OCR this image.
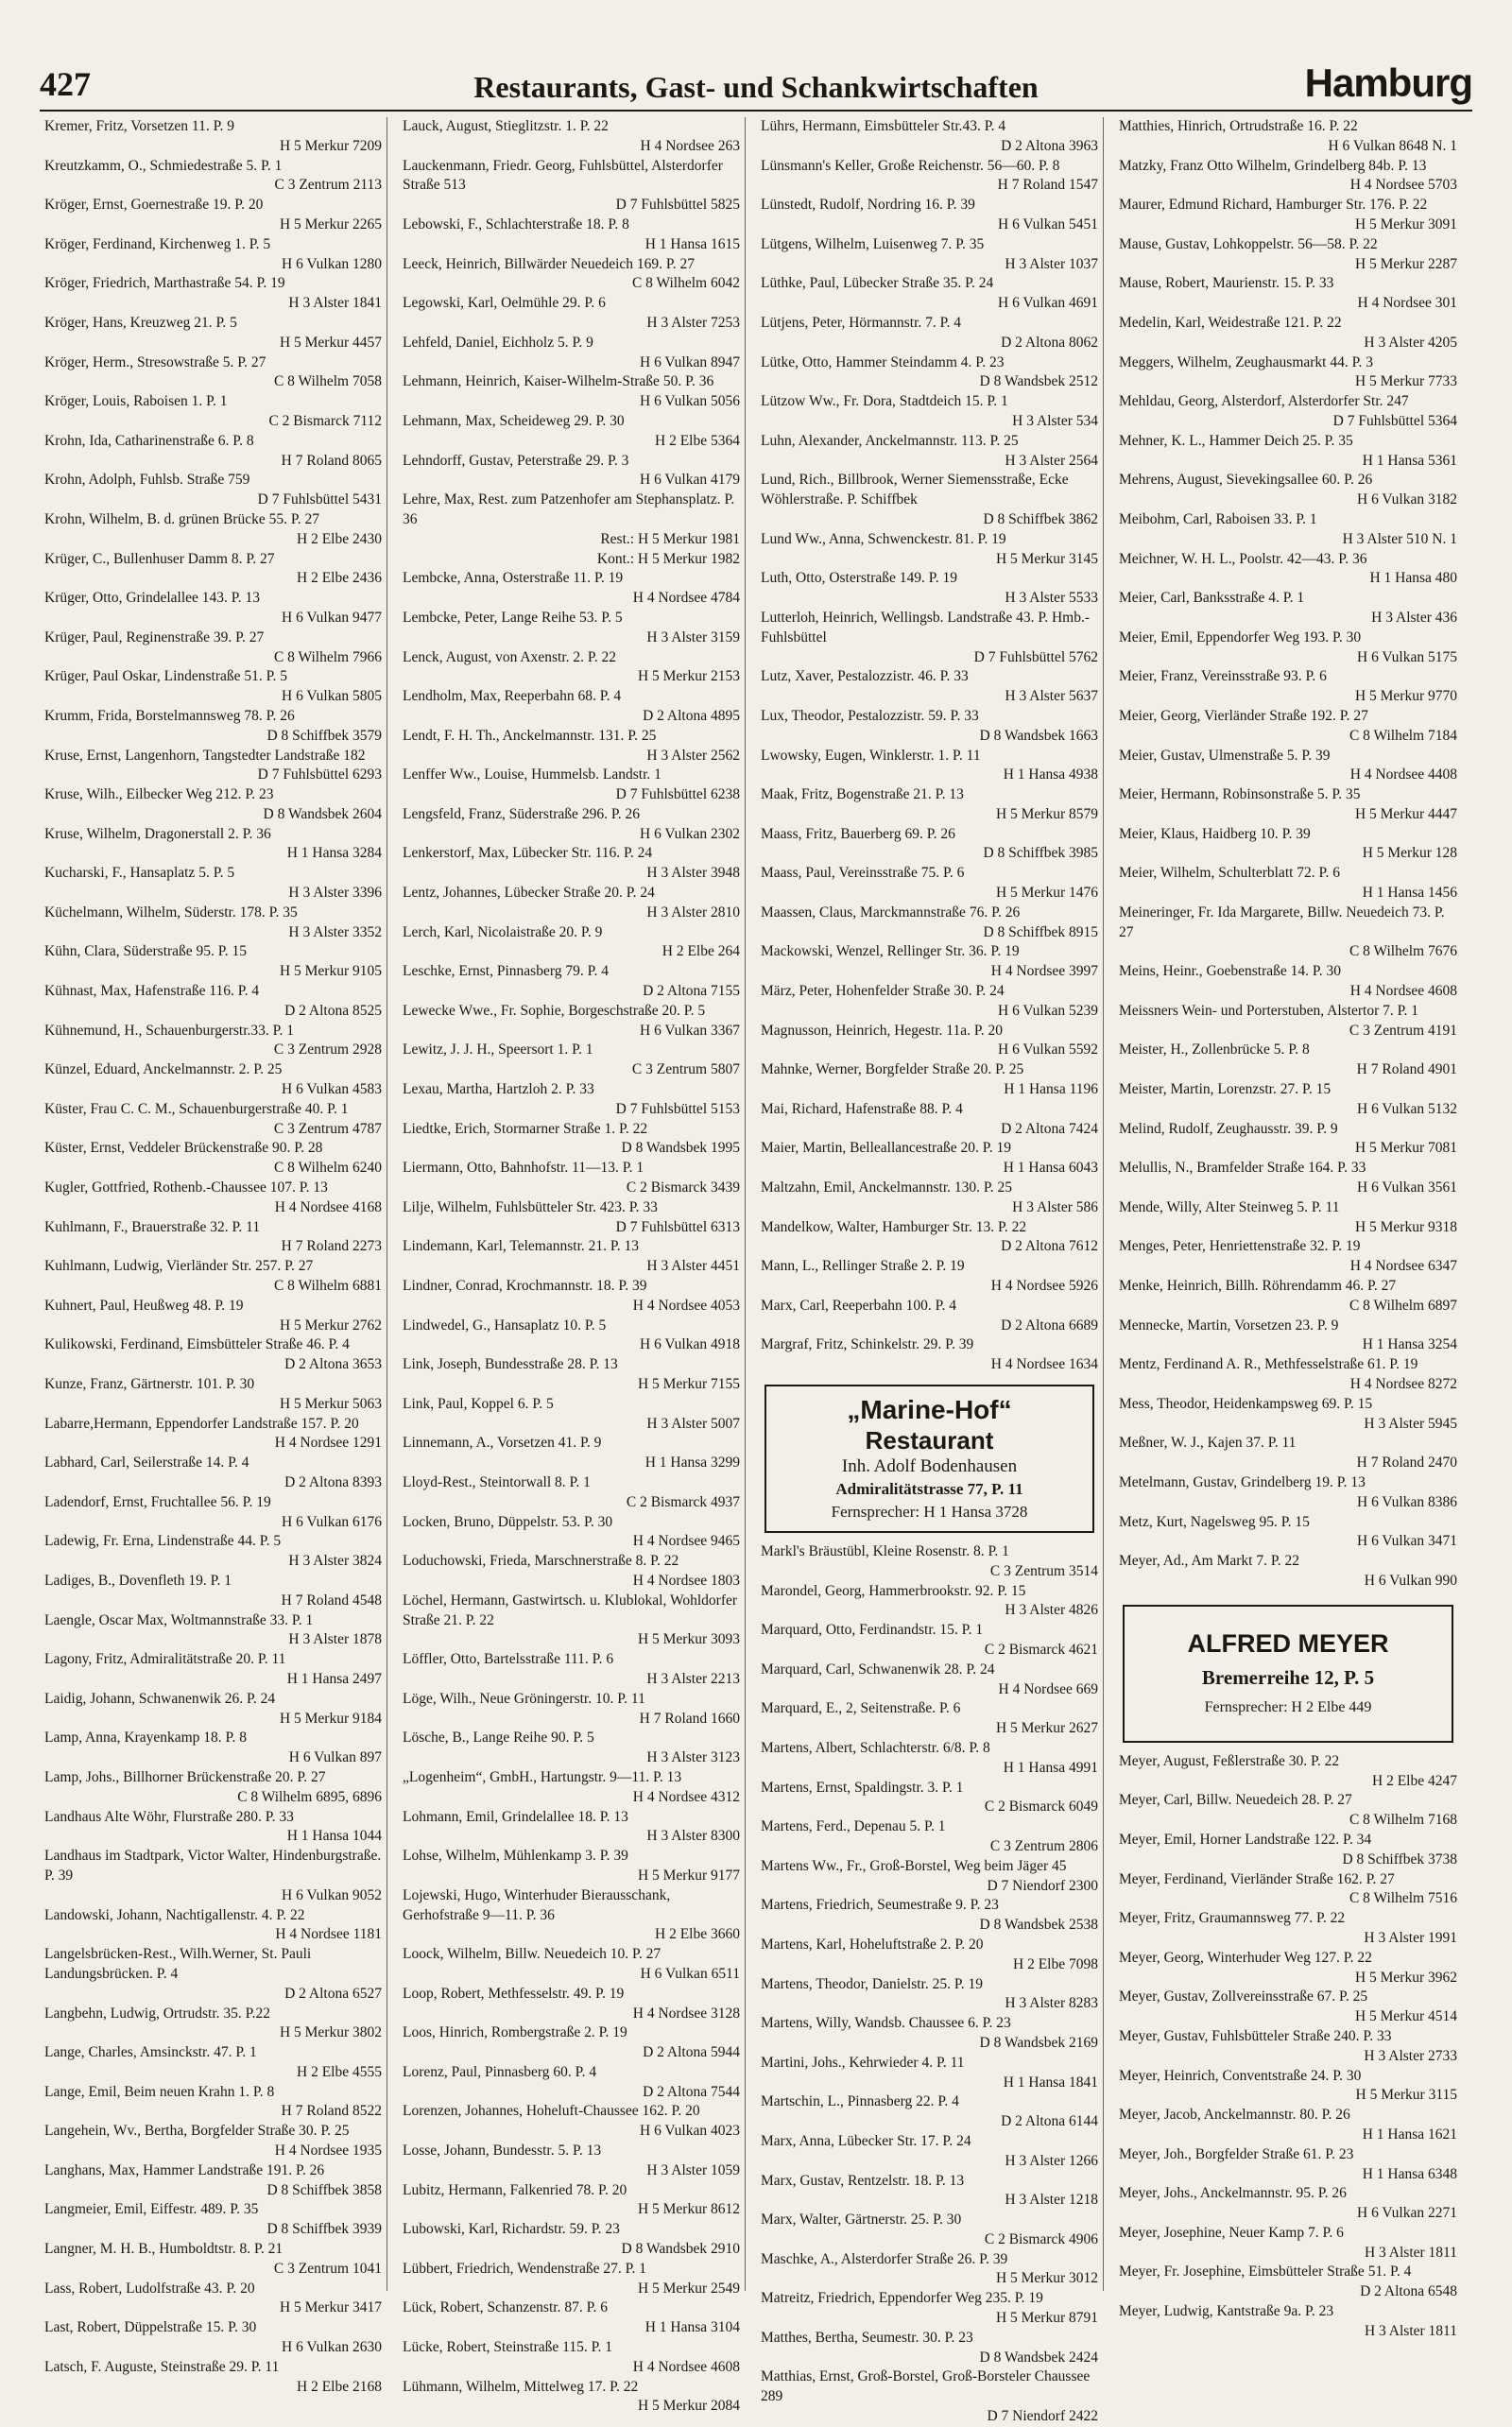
427	Restaurants, Gast- und Schankwirtschaften	Hamburg
Kremer, Fritz, Vorsetzen 11. P. 9
H 5 Merkur 7209
Kreutzkamm, O., Schmiedestraße 5. P. 1
C 3 Zentrum 2113
Kröger, Ernst, Goernestraße 19. P. 20
H 5 Merkur 2265
Kröger, Ferdinand, Kirchenweg 1. P. 5
H 6 Vulkan 1280
Kröger, Friedrich, Marthastraße 54. P. 19
H 3 Alster 1841
Kröger, Hans, Kreuzweg 21. P. 5
H 5 Merkur 4457
Kröger, Herm., Stresowstraße 5. P. 27
C 8 Wilhelm 7058
Kröger, Louis, Raboisen 1. P. 1
C 2 Bismarck 7112
Krohn, Ida, Catharinenstraße 6. P. 8
H 7 Roland 8065
Krohn, Adolph, Fuhlsb. Straße 759
D 7 Fuhlsbüttel 5431
Krohn, Wilhelm, B. d. grünen Brücke 55. P. 27
H 2 Elbe 2430
Krüger, C., Bullenhuser Damm 8. P. 27
H 2 Elbe 2436
Krüger, Otto, Grindelallee 143. P. 13
H 6 Vulkan 9477
Krüger, Paul, Reginenstraße 39. P. 27
C 8 Wilhelm 7966
Krüger, Paul Oskar, Lindenstraße 51. P. 5
H 6 Vulkan 5805
Krumm, Frida, Borstelmannsweg 78. P. 26
D 8 Schiffbek 3579
Kruse, Ernst, Langenhorn, Tangstedter Landstraße 182
D 7 Fuhlsbüttel 6293
Kruse, Wilh., Eilbecker Weg 212. P. 23
D 8 Wandsbek 2604
Kruse, Wilhelm, Dragonerstall 2. P. 36
H 1 Hansa 3284
Kucharski, F., Hansaplatz 5. P. 5
H 3 Alster 3396
Küchelmann, Wilhelm, Süderstr. 178. P. 35
H 3 Alster 3352
Kühn, Clara, Süderstraße 95. P. 15
H 5 Merkur 9105
Kühnast, Max, Hafenstraße 116. P. 4
D 2 Altona 8525
Kühnemund, H., Schauenburgerstr.33. P. 1
C 3 Zentrum 2928
Künzel, Eduard, Anckelmannstr. 2. P. 25
H 6 Vulkan 4583
Küster, Frau C. C. M., Schauenburgerstraße 40. P. 1
C 3 Zentrum 4787
Küster, Ernst, Veddeler Brückenstraße 90. P. 28
C 8 Wilhelm 6240
Kugler, Gottfried, Rothenb.-Chaussee 107. P. 13
H 4 Nordsee 4168
Kuhlmann, F., Brauerstraße 32. P. 11
H 7 Roland 2273
Kuhlmann, Ludwig, Vierländer Str. 257. P. 27
C 8 Wilhelm 6881
Kuhnert, Paul, Heußweg 48. P. 19
H 5 Merkur 2762
Kulikowski, Ferdinand, Eimsbütteler Straße 46. P. 4
D 2 Altona 3653
Kunze, Franz, Gärtnerstr. 101. P. 30
H 5 Merkur 5063
Labarre,Hermann, Eppendorfer Landstraße 157. P. 20
H 4 Nordsee 1291
Labhard, Carl, Seilerstraße 14. P. 4
D 2 Altona 8393
Ladendorf, Ernst, Fruchtallee 56. P. 19
H 6 Vulkan 6176
Ladewig, Fr. Erna, Lindenstraße 44. P. 5
H 3 Alster 3824
Ladiges, B., Dovenfleth 19. P. 1
H 7 Roland 4548
Laengle, Oscar Max, Woltmannstraße 33. P. 1
H 3 Alster 1878
Lagony, Fritz, Admiralitätstraße 20. P. 11
H 1 Hansa 2497
Laidig, Johann, Schwanenwik 26. P. 24
H 5 Merkur 9184
Lamp, Anna, Krayenkamp 18. P. 8
H 6 Vulkan 897
Lamp, Johs., Billhorner Brückenstraße 20. P. 27
C 8 Wilhelm 6895, 6896
Landhaus Alte Wöhr, Flurstraße 280. P. 33
H 1 Hansa 1044
Landhaus im Stadtpark, Victor Walter, Hindenburgstraße. P. 39
H 6 Vulkan 9052
Landowski, Johann, Nachtigallenstr. 4. P. 22
H 4 Nordsee 1181
Langelsbrücken-Rest., Wilh.Werner, St. Pauli Landungsbrücken. P. 4
D 2 Altona 6527
Langbehn, Ludwig, Ortrudstr. 35. P.22
H 5 Merkur 3802
Lange, Charles, Amsinckstr. 47. P. 1
H 2 Elbe 4555
Lange, Emil, Beim neuen Krahn 1. P. 8
H 7 Roland 8522
Langehein, Wv., Bertha, Borgfelder Straße 30. P. 25
H 4 Nordsee 1935
Langhans, Max, Hammer Landstraße 191. P. 26
D 8 Schiffbek 3858
Langmeier, Emil, Eiffestr. 489. P. 35
D 8 Schiffbek 3939
Langner, M. H. B., Humboldtstr. 8. P. 21
C 3 Zentrum 1041
Lass, Robert, Ludolfstraße 43. P. 20
H 5 Merkur 3417
Last, Robert, Düppelstraße 15. P. 30
H 6 Vulkan 2630
Latsch, F. Auguste, Steinstraße 29. P. 11
H 2 Elbe 2168
Lauck, August, Stieglitzstr. 1. P. 22
H 4 Nordsee 263
Lauckenmann, Friedr. Georg, Fuhlsbüttel, Alsterdorfer Straße 513
D 7 Fuhlsbüttel 5825
Lebowski, F., Schlachterstraße 18. P. 8
H 1 Hansa 1615
Leeck, Heinrich, Billwärder Neuedeich 169. P. 27
C 8 Wilhelm 6042
Legowski, Karl, Oelmühle 29. P. 6
H 3 Alster 7253
Lehfeld, Daniel, Eichholz 5. P. 9
H 6 Vulkan 8947
Lehmann, Heinrich, Kaiser-Wilhelm-Straße 50. P. 36
H 6 Vulkan 5056
Lehmann, Max, Scheideweg 29. P. 30
H 2 Elbe 5364
Lehndorff, Gustav, Peterstraße 29. P. 3
H 6 Vulkan 4179
Lehre, Max, Rest. zum Patzenhofer am Stephansplatz. P. 36
Rest.: H 5 Merkur 1981
Kont.: H 5 Merkur 1982
Lembcke, Anna, Osterstraße 11. P. 19
H 4 Nordsee 4784
Lembcke, Peter, Lange Reihe 53. P. 5
H 3 Alster 3159
Lenck, August, von Axenstr. 2. P. 22
H 5 Merkur 2153
Lendholm, Max, Reeperbahn 68. P. 4
D 2 Altona 4895
Lendt, F. H. Th., Anckelmannstr. 131. P. 25
H 3 Alster 2562
Lenffer Ww., Louise, Hummelsb. Landstr. 1
D 7 Fuhlsbüttel 6238
Lengsfeld, Franz, Süderstraße 296. P. 26
H 6 Vulkan 2302
Lenkerstorf, Max, Lübecker Str. 116. P. 24
H 3 Alster 3948
Lentz, Johannes, Lübecker Straße 20. P. 24
H 3 Alster 2810
Lerch, Karl, Nicolaistraße 20. P. 9
H 2 Elbe 264
Leschke, Ernst, Pinnasberg 79. P. 4
D 2 Altona 7155
Lewecke Wwe., Fr. Sophie, Borgeschstraße 20. P. 5
H 6 Vulkan 3367
Lewitz, J. J. H., Speersort 1. P. 1
C 3 Zentrum 5807
Lexau, Martha, Hartzloh 2. P. 33
D 7 Fuhlsbüttel 5153
Liedtke, Erich, Stormarner Straße 1. P. 22
D 8 Wandsbek 1995
Liermann, Otto, Bahnhofstr. 11—13. P. 1
C 2 Bismarck 3439
Lilje, Wilhelm, Fuhlsbütteler Str. 423. P. 33
D 7 Fuhlsbüttel 6313
Lindemann, Karl, Telemannstr. 21. P. 13
H 3 Alster 4451
Lindner, Conrad, Krochmannstr. 18. P. 39
H 4 Nordsee 4053
Lindwedel, G., Hansaplatz 10. P. 5
H 6 Vulkan 4918
Link, Joseph, Bundesstraße 28. P. 13
H 5 Merkur 7155
Link, Paul, Koppel 6. P. 5
H 3 Alster 5007
Linnemann, A., Vorsetzen 41. P. 9
H 1 Hansa 3299
Lloyd-Rest., Steintorwall 8. P. 1
C 2 Bismarck 4937
Locken, Bruno, Düppelstr. 53. P. 30
H 4 Nordsee 9465
Loduchowski, Frieda, Marschnerstraße 8. P. 22
H 4 Nordsee 1803
Löchel, Hermann, Gastwirtsch. u. Klublokal, Wohldorfer Straße 21. P. 22
H 5 Merkur 3093
Löffler, Otto, Bartelsstraße 111. P. 6
H 3 Alster 2213
Löge, Wilh., Neue Gröningerstr. 10. P. 11
H 7 Roland 1660
Lösche, B., Lange Reihe 90. P. 5
H 3 Alster 3123
„Logenheim“, GmbH., Hartungstr. 9—11. P. 13
H 4 Nordsee 4312
Lohmann, Emil, Grindelallee 18. P. 13
H 3 Alster 8300
Lohse, Wilhelm, Mühlenkamp 3. P. 39
H 5 Merkur 9177
Lojewski, Hugo, Winterhuder Bierausschank, Gerhofstraße 9—11. P. 36
H 2 Elbe 3660
Loock, Wilhelm, Billw. Neuedeich 10. P. 27
H 6 Vulkan 6511
Loop, Robert, Methfesselstr. 49. P. 19
H 4 Nordsee 3128
Loos, Hinrich, Rombergstraße 2. P. 19
D 2 Altona 5944
Lorenz, Paul, Pinnasberg 60. P. 4
D 2 Altona 7544
Lorenzen, Johannes, Hoheluft-Chaussee 162. P. 20
H 6 Vulkan 4023
Losse, Johann, Bundesstr. 5. P. 13
H 3 Alster 1059
Lubitz, Hermann, Falkenried 78. P. 20
H 5 Merkur 8612
Lubowski, Karl, Richardstr. 59. P. 23
D 8 Wandsbek 2910
Lübbert, Friedrich, Wendenstraße 27. P. 1
H 5 Merkur 2549
Lück, Robert, Schanzenstr. 87. P. 6
H 1 Hansa 3104
Lücke, Robert, Steinstraße 115. P. 1
H 4 Nordsee 4608
Lühmann, Wilhelm, Mittelweg 17. P. 22
H 5 Merkur 2084
Lührs, Hermann, Eimsbütteler Str.43. P. 4
D 2 Altona 3963
Lünsmann's Keller, Große Reichenstr. 56—60. P. 8
H 7 Roland 1547
Lünstedt, Rudolf, Nordring 16. P. 39
H 6 Vulkan 5451
Lütgens, Wilhelm, Luisenweg 7. P. 35
H 3 Alster 1037
Lüthke, Paul, Lübecker Straße 35. P. 24
H 6 Vulkan 4691
Lütjens, Peter, Hörmannstr. 7. P. 4
D 2 Altona 8062
Lütke, Otto, Hammer Steindamm 4. P. 23
D 8 Wandsbek 2512
Lützow Ww., Fr. Dora, Stadtdeich 15. P. 1
H 3 Alster 534
Luhn, Alexander, Anckelmannstr. 113. P. 25
H 3 Alster 2564
Lund, Rich., Billbrook, Werner Siemensstraße, Ecke Wöhlerstraße. P. Schiffbek
D 8 Schiffbek 3862
Lund Ww., Anna, Schwenckestr. 81. P. 19
H 5 Merkur 3145
Luth, Otto, Osterstraße 149. P. 19
H 3 Alster 5533
Lutterloh, Heinrich, Wellingsb. Landstraße 43. P. Hmb.-Fuhlsbüttel
D 7 Fuhlsbüttel 5762
Lutz, Xaver, Pestalozzistr. 46. P. 33
H 3 Alster 5637
Lux, Theodor, Pestalozzistr. 59. P. 33
D 8 Wandsbek 1663
Lwowsky, Eugen, Winklerstr. 1. P. 11
H 1 Hansa 4938
Maak, Fritz, Bogenstraße 21. P. 13
H 5 Merkur 8579
Maass, Fritz, Bauerberg 69. P. 26
D 8 Schiffbek 3985
Maass, Paul, Vereinsstraße 75. P. 6
H 5 Merkur 1476
Maassen, Claus, Marckmannstraße 76. P. 26
D 8 Schiffbek 8915
Mackowski, Wenzel, Rellinger Str. 36. P. 19
H 4 Nordsee 3997
März, Peter, Hohenfelder Straße 30. P. 24
H 6 Vulkan 5239
Magnusson, Heinrich, Hegestr. 11a. P. 20
H 6 Vulkan 5592
Mahnke, Werner, Borgfelder Straße 20. P. 25
H 1 Hansa 1196
Mai, Richard, Hafenstraße 88. P. 4
D 2 Altona 7424
Maier, Martin, Belleallancestraße 20. P. 19
H 1 Hansa 6043
Maltzahn, Emil, Anckelmannstr. 130. P. 25
H 3 Alster 586
Mandelkow, Walter, Hamburger Str. 13. P. 22
D 2 Altona 7612
Mann, L., Rellinger Straße 2. P. 19
H 4 Nordsee 5926
Marx, Carl, Reeperbahn 100. P. 4
D 2 Altona 6689
Margraf, Fritz, Schinkelstr. 29. P. 39
H 4 Nordsee 1634
„Marine-Hof“
Restaurant
Inh. Adolf Bodenhausen
Admiralitätstrasse 77, P. 11
Fernsprecher: H 1 Hansa 3728
Markl's Bräustübl, Kleine Rosenstr. 8. P. 1
C 3 Zentrum 3514
Marondel, Georg, Hammerbrookstr. 92. P. 15
H 3 Alster 4826
Marquard, Otto, Ferdinandstr. 15. P. 1
C 2 Bismarck 4621
Marquard, Carl, Schwanenwik 28. P. 24
H 4 Nordsee 669
Marquard, E., 2, Seitenstraße. P. 6
H 5 Merkur 2627
Martens, Albert, Schlachterstr. 6/8. P. 8
H 1 Hansa 4991
Martens, Ernst, Spaldingstr. 3. P. 1
C 2 Bismarck 6049
Martens, Ferd., Depenau 5. P. 1
C 3 Zentrum 2806
Martens Ww., Fr., Groß-Borstel, Weg beim Jäger 45
D 7 Niendorf 2300
Martens, Friedrich, Seumestraße 9. P. 23
D 8 Wandsbek 2538
Martens, Karl, Hoheluftstraße 2. P. 20
H 2 Elbe 7098
Martens, Theodor, Danielstr. 25. P. 19
H 3 Alster 8283
Martens, Willy, Wandsb. Chaussee 6. P. 23
D 8 Wandsbek 2169
Martini, Johs., Kehrwieder 4. P. 11
H 1 Hansa 1841
Martschin, L., Pinnasberg 22. P. 4
D 2 Altona 6144
Marx, Anna, Lübecker Str. 17. P. 24
H 3 Alster 1266
Marx, Gustav, Rentzelstr. 18. P. 13
H 3 Alster 1218
Marx, Walter, Gärtnerstr. 25. P. 30
C 2 Bismarck 4906
Maschke, A., Alsterdorfer Straße 26. P. 39
H 5 Merkur 3012
Matreitz, Friedrich, Eppendorfer Weg 235. P. 19
H 5 Merkur 8791
Matthes, Bertha, Seumestr. 30. P. 23
D 8 Wandsbek 2424
Matthias, Ernst, Groß-Borstel, Groß-Borsteler Chaussee 289
D 7 Niendorf 2422
Matthies, Hinrich, Ortrudstraße 16. P. 22
H 6 Vulkan 8648 N. 1
Matzky, Franz Otto Wilhelm, Grindelberg 84b. P. 13
H 4 Nordsee 5703
Maurer, Edmund Richard, Hamburger Str. 176. P. 22
H 5 Merkur 3091
Mause, Gustav, Lohkoppelstr. 56—58. P. 22
H 5 Merkur 2287
Mause, Robert, Maurienstr. 15. P. 33
H 4 Nordsee 301
Medelin, Karl, Weidestraße 121. P. 22
H 3 Alster 4205
Meggers, Wilhelm, Zeughausmarkt 44. P. 3
H 5 Merkur 7733
Mehldau, Georg, Alsterdorf, Alsterdorfer Str. 247
D 7 Fuhlsbüttel 5364
Mehner, K. L., Hammer Deich 25. P. 35
H 1 Hansa 5361
Mehrens, August, Sievekingsallee 60. P. 26
H 6 Vulkan 3182
Meibohm, Carl, Raboisen 33. P. 1
H 3 Alster 510 N. 1
Meichner, W. H. L., Poolstr. 42—43. P. 36
H 1 Hansa 480
Meier, Carl, Banksstraße 4. P. 1
H 3 Alster 436
Meier, Emil, Eppendorfer Weg 193. P. 30
H 6 Vulkan 5175
Meier, Franz, Vereinsstraße 93. P. 6
H 5 Merkur 9770
Meier, Georg, Vierländer Straße 192. P. 27
C 8 Wilhelm 7184
Meier, Gustav, Ulmenstraße 5. P. 39
H 4 Nordsee 4408
Meier, Hermann, Robinsonstraße 5. P. 35
H 5 Merkur 4447
Meier, Klaus, Haidberg 10. P. 39
H 5 Merkur 128
Meier, Wilhelm, Schulterblatt 72. P. 6
H 1 Hansa 1456
Meineringer, Fr. Ida Margarete, Billw. Neuedeich 73. P. 27
C 8 Wilhelm 7676
Meins, Heinr., Goebenstraße 14. P. 30
H 4 Nordsee 4608
Meissners Wein- und Porterstuben, Alstertor 7. P. 1
C 3 Zentrum 4191
Meister, H., Zollenbrücke 5. P. 8
H 7 Roland 4901
Meister, Martin, Lorenzstr. 27. P. 15
H 6 Vulkan 5132
Melind, Rudolf, Zeughausstr. 39. P. 9
H 5 Merkur 7081
Melullis, N., Bramfelder Straße 164. P. 33
H 6 Vulkan 3561
Mende, Willy, Alter Steinweg 5. P. 11
H 5 Merkur 9318
Menges, Peter, Henriettenstraße 32. P. 19
H 4 Nordsee 6347
Menke, Heinrich, Billh. Röhrendamm 46. P. 27
C 8 Wilhelm 6897
Mennecke, Martin, Vorsetzen 23. P. 9
H 1 Hansa 3254
Mentz, Ferdinand A. R., Methfesselstraße 61. P. 19
H 4 Nordsee 8272
Mess, Theodor, Heidenkampsweg 69. P. 15
H 3 Alster 5945
Meßner, W. J., Kajen 37. P. 11
H 7 Roland 2470
Metelmann, Gustav, Grindelberg 19. P. 13
H 6 Vulkan 8386
Metz, Kurt, Nagelsweg 95. P. 15
H 6 Vulkan 3471
Meyer, Ad., Am Markt 7. P. 22
H 6 Vulkan 990
ALFRED MEYER
Bremerreihe 12, P. 5
Fernsprecher: H 2 Elbe 449
Meyer, August, Feßlerstraße 30. P. 22
H 2 Elbe 4247
Meyer, Carl, Billw. Neuedeich 28. P. 27
C 8 Wilhelm 7168
Meyer, Emil, Horner Landstraße 122. P. 34
D 8 Schiffbek 3738
Meyer, Ferdinand, Vierländer Straße 162. P. 27
C 8 Wilhelm 7516
Meyer, Fritz, Graumannsweg 77. P. 22
H 3 Alster 1991
Meyer, Georg, Winterhuder Weg 127. P. 22
H 5 Merkur 3962
Meyer, Gustav, Zollvereinsstraße 67. P. 25
H 5 Merkur 4514
Meyer, Gustav, Fuhlsbütteler Straße 240. P. 33
H 3 Alster 2733
Meyer, Heinrich, Conventstraße 24. P. 30
H 5 Merkur 3115
Meyer, Jacob, Anckelmannstr. 80. P. 26
H 1 Hansa 1621
Meyer, Joh., Borgfelder Straße 61. P. 23
H 1 Hansa 6348
Meyer, Johs., Anckelmannstr. 95. P. 26
H 6 Vulkan 2271
Meyer, Josephine, Neuer Kamp 7. P. 6
H 3 Alster 1811
Meyer, Fr. Josephine, Eimsbütteler Straße 51. P. 4
D 2 Altona 6548
Meyer, Ludwig, Kantstraße 9a. P. 23
H 3 Alster 1811
